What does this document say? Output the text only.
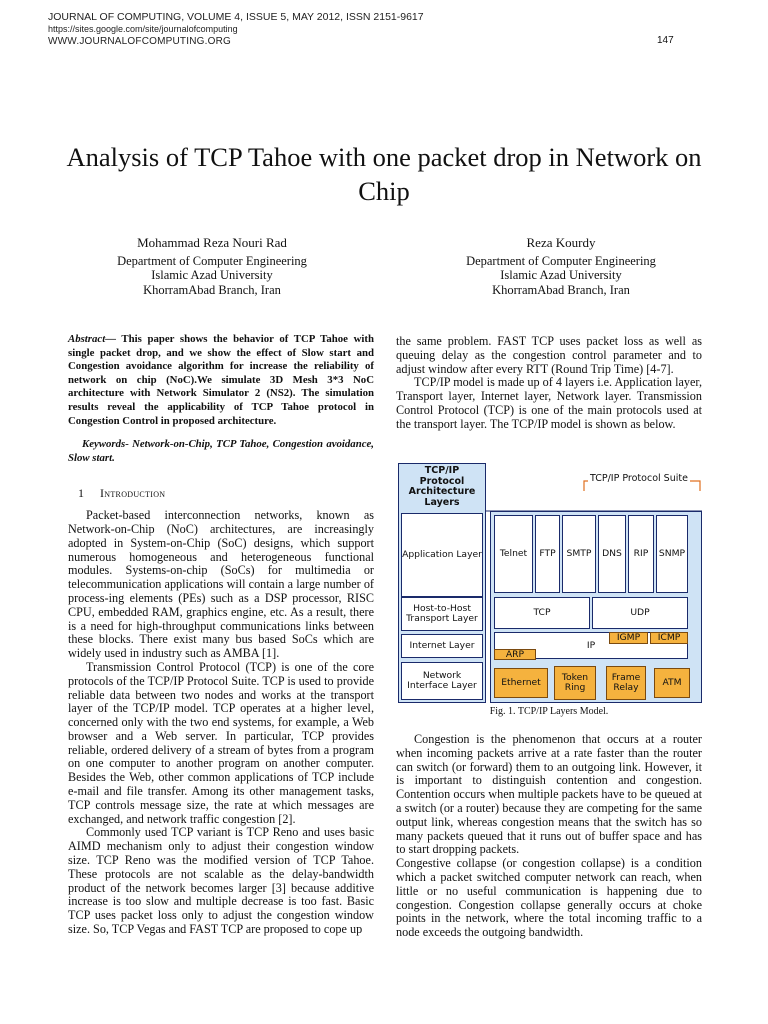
JOURNAL OF COMPUTING, VOLUME 4, ISSUE 5, MAY 2012, ISSN 2151-9617
https://sites.google.com/site/journalofcomputing
WWW.JOURNALOFCOMPUTING.ORG	147
Analysis of TCP Tahoe with one packet drop in Network on Chip
Mohammad Reza Nouri Rad
Department of Computer Engineering
Islamic Azad University
KhorramAbad Branch, Iran
Reza Kourdy
Department of Computer Engineering
Islamic Azad University
KhorramAbad Branch, Iran

Abstract— This paper shows the behavior of TCP Tahoe with single packet drop, and we show the effect of Slow start and Congestion avoidance algorithm for increase the reliability of network on chip (NoC).We simulate 3D Mesh 3*3 NoC architecture with Network Simulator 2 (NS2). The simulation results reveal the applicability of TCP Tahoe protocol in Congestion Control in proposed architecture.

Keywords- Network-on-Chip, TCP Tahoe, Congestion avoidance, Slow start.

1 Introduction

Packet-based interconnection networks, known as Network-on-Chip (NoC) architectures, are increasingly adopted in System-on-Chip (SoC) designs, which support numerous homogeneous and heterogeneous functional modules. Systems-on-chip (SoCs) for multimedia or telecommunication applications will contain a large number of process-ing elements (PEs) such as a DSP processor, RISC CPU, embedded RAM, graphics engine, etc. As a result, there is a need for high-throughput communications links between these blocks. There exist many bus based SoCs which are widely used in industry such as AMBA [1].

Transmission Control Protocol (TCP) is one of the core protocols of the TCP/IP Protocol Suite. TCP is used to provide reliable data between two nodes and works at the transport layer of the TCP/IP model. TCP operates at a higher level, concerned only with the two end systems, for example, a Web browser and a Web server. In particular, TCP provides reliable, ordered delivery of a stream of bytes from a program on one computer to another program on another computer. Besides the Web, other common applications of TCP include e-mail and file transfer. Among its other management tasks, TCP controls message size, the rate at which messages are exchanged, and network traffic congestion [2].

Commonly used TCP variant is TCP Reno and uses basic AIMD mechanism only to adjust their congestion window size. TCP Reno was the modified version of TCP Tahoe. These protocols are not scalable as the delay-bandwidth product of the network becomes larger [3] because additive increase is too slow and multiple decrease is too fast. Basic TCP uses packet loss only to adjust the congestion window size. So, TCP Vegas and FAST TCP are proposed to cope up

the same problem. FAST TCP uses packet loss as well as queuing delay as the congestion control parameter and to adjust window after every RTT (Round Trip Time) [4-7].

TCP/IP model is made up of 4 layers i.e. Application layer, Transport layer, Internet layer, Network layer. Transmission Control Protocol (TCP) is one of the main protocols used at the transport layer. The TCP/IP model is shown as below.

TCP/IP Protocol Architecture Layers
Application Layer
Host-to-Host Transport Layer
Internet Layer
Network Interface Layer
TCP/IP Protocol Suite
Telnet	FTP	SMTP	DNS	RIP	SNMP
TCP	UDP
IP
IGMP	ICMP
ARP
Ethernet	Token Ring
Frame Relay	ATM
Fig. 1. TCP/IP Layers Model.

Congestion is the phenomenon that occurs at a router when incoming packets arrive at a rate faster than the router can switch (or forward) them to an outgoing link. However, it is important to distinguish contention and congestion. Contention occurs when multiple packets have to be queued at a switch (or a router) because they are competing for the same output link, whereas congestion means that the switch has so many packets queued that it runs out of buffer space and has to start dropping packets.

Congestive collapse (or congestion collapse) is a condition which a packet switched computer network can reach, when little or no useful communication is happening due to congestion. Congestion collapse generally occurs at choke points in the network, where the total incoming traffic to a node exceeds the outgoing bandwidth.
